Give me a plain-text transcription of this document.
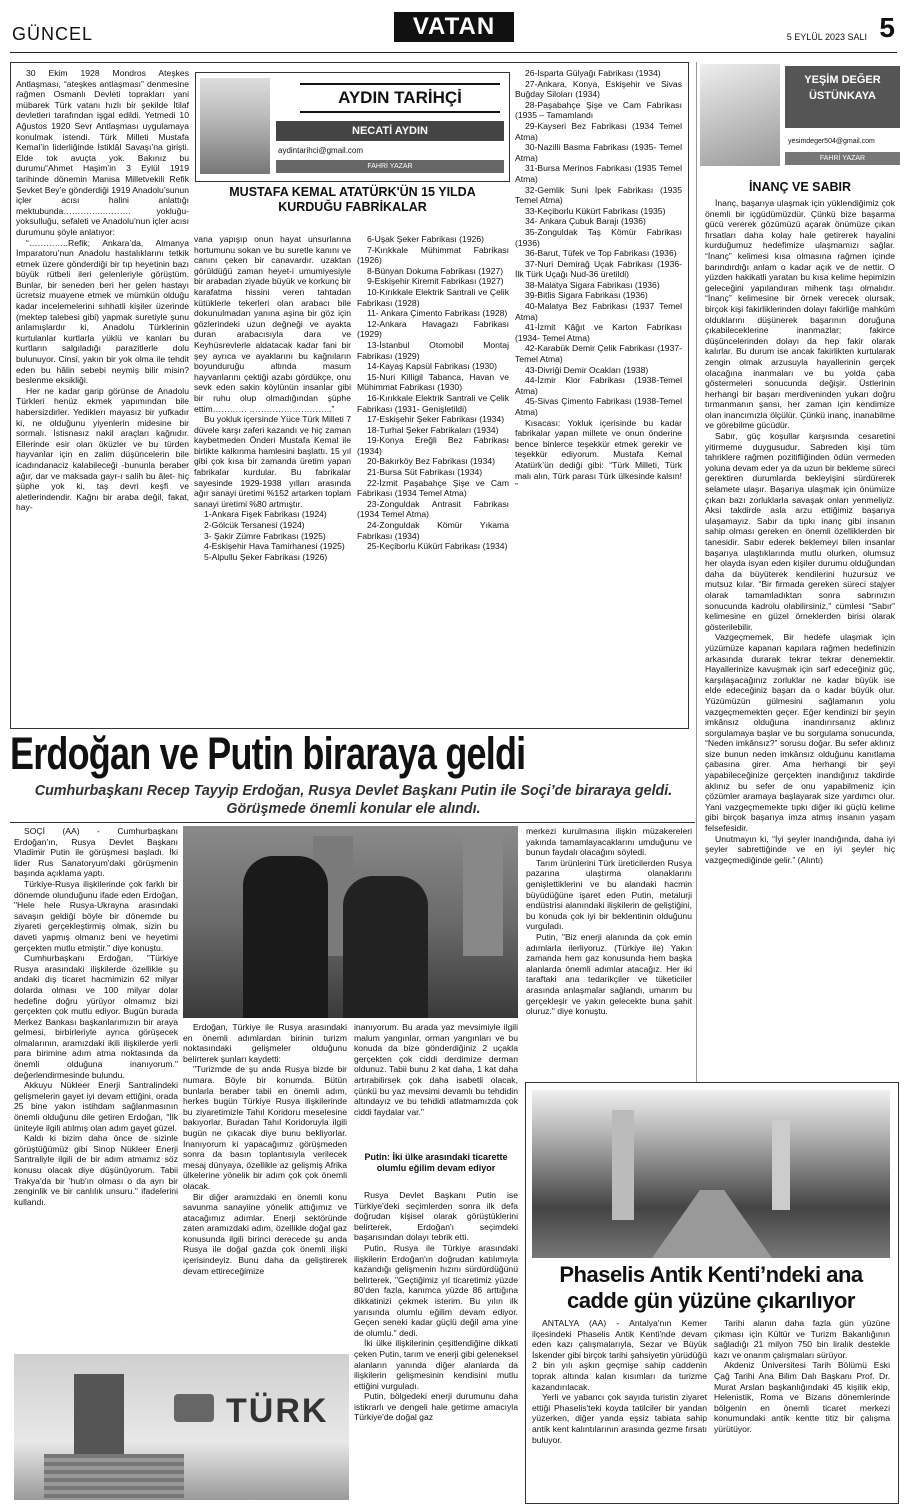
GÜNCEL	VATAN	5 EYLÜL 2023 SALI 5

30 Ekim 1928 Mondros Ateşkes Antlaşması, “ateşkes antlaşması” denmesine rağmen Osmanlı Devleti toprakları yani mübarek Türk vatanı hızlı bir şekilde İtilaf devletleri tarafından işgal edildi. Yetmedi 10 Ağustos 1920 Sevr Antlaşması uygulamaya konulmak istendi. Türk Milleti Mustafa Kemal’in liderliğinde İstiklâl Savaşı’na girişti. Elde tok avuçta yok. Bakınız bu durumu“Ahmet Haşim’in 3 Eylül 1919 tarihinde dönemin Manisa Milletvekili Refik Şevket Bey’e gönderdiği 1919 Anadolu’sunun içler acısı halini anlattığı mektubunda…………..………. yokluğu-yoksulluğu, sefaleti ve Anadolu’nun içler acısı durumunu şöyle anlatıyor:

“…………..Refik; Ankara’da, Almanya İmparatoru’nun Anadolu hastalıklarını tetkik etmek üzere gönderdiği bir tıp heyetinin bazı büyük rütbeli ileri gelenleriyle görüştüm. Bunlar, bir seneden beri her gelen hastayı ücretsiz muayene etmek ve mümkün olduğu kadar incelemelerini sıhhatli kişiler üzerinde (mektep talebesi gibi) yapmak suretiyle şunu anlamışlardır ki, Anadolu Türklerinin kurtulanlar kurtlarla yüklü ve kanları bu kurtların salgıladığı parazitlerle dolu bulunuyor. Cinsi, yakın bir yok olma ile tehdit eden bu hâlin sebebi neymiş bilir misin? beslenme eksikliği.

Her ne kadar garip görünse de Anadolu Türkleri henüz ekmek yapımından bile habersizdirler. Yediklerı mayasız bir yufkadır ki, ne olduğunu yiyenlerin midesine bir sormalı. İstisnasız nakil araçları kağnıdır. Ellerinde esir olan öküzler ve bu türden hayvanlar için en zalim düşüncelerin bile icadındanaciz kalabileceği -bununla beraber ağır, dar ve maksada gayr-ı salih bu âlet- hiç şüphe yok ki, taş devri keşfi ve aletlerindendir. Kağnı bir araba değil, fakat, hay-

AYDIN TARİHÇİ
NECATİ AYDIN
aydintarihci@gmail.com
FAHRİ YAZAR
MUSTAFA KEMAL ATATÜRK'ÜN 15 YILDA KURDUĞU FABRİKALAR

vana yapışıp onun hayat unsurlarına hortumunu sokan ve bu suretle kanını ve canını çeken bir canavardır. uzaktan görüldüğü zaman heyet-i umumiyesiyle bir arabadan ziyade büyük ve korkunç bir karafatma hissini veren tahtadan kütüklerle tekerleri olan arabacı bile dokunulmadan yanına aşina bir göz için gözlerindeki uzun değneği ve ayakta duran arabacısıyla dara ve Keyhüsrevlerle aldatacak kadar fani bir şey ayrıca ve ayaklarını bu kağnıların boyunduruğu altında masum hayvanlarını çektiği azabı gördükçe, onu sevk eden sakin köylünün insanlar gibi bir ruhu olup olmadığından şüphe ettim………… ………………………..”

Bu yokluk içersinde Yüce Türk Milleti 7 düvele karşı zaferi kazandı ve hiç zaman kaybetmeden Önderi Mustafa Kemal ile birlikte kalkınma hamlesini başlattı. 15 yıl gibi çok kısa bir zamanda üretim yapan fabrikalar kurdular. Bu fabrikalar sayesinde 1929-1938 yılları arasında ağır sanayi üretimi %152 artarken toplam sanayi üretimi %80 artmıştır.

1-Ankara Fişek Fabrikası (1924)

2-Gölcük Tersanesi (1924)

3- Şakir Zümre Fabrikası (1925)

4-Eskişehir Hava Tamirhanesi (1925)

5-Alpullu Şeker Fabrikası (1926)

6-Uşak Şeker Fabrikası (1926)

7-Kırıkkale Mühimmat Fabrikası (1926)

8-Bünyan Dokuma Fabrikası (1927)

9-Eskişehir Kiremit Fabrikası (1927)

10-Kırıkkale Elektrik Santrali ve Çelik Fabrikası (1928)

11- Ankara Çimento Fabrikası (1928)

12-Ankara Havagazı Fabrikası (1929)

13-İstanbul Otomobil Montaj Fabrikası (1929)

14-Kayaş Kapsül Fabrikası (1930)

15-Nuri Killigil Tabanca, Havan ve Mühimmat Fabrikası (1930)

16-Kırıkkale Elektrik Santrali ve Çelik Fabrikası (1931- Genişletildi)

17-Eskişehir Şeker Fabrikası (1934)

18-Turhal Şeker Fabrikaları (1934)

19-Konya Ereğli Bez Fabrikası (1934)

20-Bakırköy Bez Fabrikası (1934)

21-Bursa Süt Fabrikası (1934)

22-İzmit Paşabahçe Şişe ve Cam Fabrikası (1934 Temel Atma)

23-Zonguldak Antrasit Fabrikası (1934 Temel Atma)

24-Zonguldak Kömür Yıkama Fabrikası (1934)

25-Keçiborlu Kükürt Fabrikası (1934)

26-Isparta Gülyağı Fabrikası (1934)

27-Ankara, Konya, Eskişehir ve Sivas Buğday Siloları (1934)

28-Paşabahçe Şişe ve Cam Fabrikası (1935 – Tamamlandı

29-Kayseri Bez Fabrikası (1934 Temel Atma)

30-Nazilli Basma Fabrikası (1935- Temel Atma)

31-Bursa Merinos Fabrikası (1935 Temel Atma)

32-Gemlik Suni İpek Fabrikası (1935 Temel Atma)

33-Keçiborlu Kükürt Fabrikası (1935)

34- Ankara Çubuk Barajı (1936)

35-Zonguldak Taş Kömür Fabrikası (1936)

36-Barut, Tüfek ve Top Fabrikası (1936)

37-Nuri Demirağ Uçak Fabrikası (1936- İlk Türk Uçağı Nud-36 üretildi)

38-Malatya Sigara Fabrikası (1936)

39-Bitlis Sigara Fabrikası (1936)

40-Malatya Bez Fabrikası (1937 Temel Atma)

41-İzmit Kâğıt ve Karton Fabrikası (1934- Temel Atma)

42-Karabük Demir Çelik Fabrikası (1937- Temel Atma)

43-Divriği Demir Ocakları (1938)

44-İzmir Klor Fabrikası (1938-Temel Atma)

45-Sivas Çimento Fabrikası (1938-Temel Atma)

Kısacası: Yokluk içerisinde bu kadar fabrikalar yapan millete ve onun önderine bence binlerce teşekkür etmek gerekir ve teşekkür ediyorum. Mustafa Kemal Atatürk’ün dediği gibi: “Türk Milleti, Türk malı alın, Türk parası Türk ülkesinde kalsın! ”

YEŞİM DEĞER ÜSTÜNKAYA
yesimdeger504@gmail.com
FAHRİ YAZAR
İNANÇ VE SABIR

İnanç, başarıya ulaşmak için yüklendiğimiz çok önemli bir içgüdümüzdür. Çünkü bize başarma gücü vererek gözümüzü açarak önümüze çıkan fırsatları daha kolay hale getirerek hayalini kurduğumuz hedefimize ulaşmamızı sağlar. “İnanç” kelimesi kısa olmasına rağmen içinde barındırdığı anlam o kadar açık ve de nettir. O yüzden hakikatli yaratan bu kısa kelime hepimizin geleceğini yapılandıran mihenk taşı olmalıdır. “İnanç” kelimesine bir örnek verecek olursak, birçok kişi fakirliklerinden dolayı fakirliğe mahkûm olduklarını düşünerek başarının doruğuna çıkabileceklerine inanmazlar; fakirce düşüncelerinden dolayı da hep fakir olarak kalırlar. Bu durum ise ancak fakirlikten kurtularak zengin olmak arzusuyla hayallerinin gerçek olacağına inanmaları ve bu yolda çaba göstermeleri sonucunda değişir. Üstlerinin herhangi bir başarı merdiveninden yukarı doğru tırmanmanın şansı, her zaman için kendimize olan inancımızla ölçülür. Çünkü inanç, inanabilme ve görebilme gücüdür.

Sabır, güç koşullar karşısında cesaretini yitirmeme duygusudur. Sabreden kişi tüm tahriklere rağmen pozitifliğinden ödün vermeden yoluna devam eder ya da uzun bir bekleme süreci gerektiren durumlarda bekleyişini sürdürerek selamete ulaşır. Başarıya ulaşmak için önümüze çıkan bazı zorluklarla savaşak onları yenmeliyiz. Aksi takdirde asla arzu ettiğimiz başarıya ulaşamayız. Sabır da tıpkı inanç gibi insanın sahip olması gereken en önemli özelliklerden bir tanesidir. Sabır ederek beklemeyi bilen insanlar başarıya ulaştıklarında mutlu olurken, olumsuz her olayda isyan eden kişiler durumu olduğundan daha da büyüterek kendilerini huzursuz ve mutsuz kılar. “Bir firmada gereken süreci stajyer olarak tamamladıktan sonra sabrınızın sonucunda kadrolu olabilirsiniz,” cümlesi “Sabır” kelimesine en güzel örneklerden birisi olarak gösterilebilir.

Vazgeçmemek, Bir hedefe ulaşmak için yüzümüze kapanan kapılara rağmen hedefinizin arkasında durarak tekrar tekrar denemektir. Hayallerinize kavuşmak için sarf edeceğiniz güç, karşılaşacağınız zorluklar ne kadar büyük ise elde edeceğiniz başarı da o kadar büyük olur. Yüzümüzün gülmesini sağlamanın yolu vazgeçmemekten geçer. Eğer kendinizi bir şeyin imkânsız olduğuna inandırırsanız aklınız sorgulamaya başlar ve bu sorgulama sonucunda, “Neden imkânsız?” sorusu doğar. Bu sefer aklınız size bunun neden imkânsız olduğunu kanıtlama çabasına girer. Ama herhangi bir şeyi yapabileceğinize gerçekten inandığınız takdirde aklınız bu sefer de onu yapabilmeniz için çözümler aramaya başlayarak size yardımcı olur. Yani vazgeçmemekte tıpkı diğer iki güçlü kelime gibi birçok başarıya imza atmış insanın yaşam felsefesidir.

Unutmayın ki, “İyi şeyler inandığında, daha iyi şeyler sabrettiğinde ve en iyi şeyler hiç vazgeçmediğinde gelir.” (Alıntı)

Erdoğan ve Putin biraraya geldi
Cumhurbaşkanı Recep Tayyip Erdoğan, Rusya Devlet Başkanı Putin ile Soçi’de biraraya geldi. Görüşmede önemli konular ele alındı.

SOÇİ (AA) - Cumhurbaşkanı Erdoğan'ın, Rusya Devlet Başkanı Vladimir Putin ile görüşmesi başladı. İki lider Rus Sanatoryum'daki görüşmenin başında açıklama yaptı.

Türkiye-Rusya ilişkilerinde çok farklı bir dönemde olunduğunu ifade eden Erdoğan, "Hele hele Rusya-Ukrayna arasındaki savaşın geldiği böyle bir dönemde bu ziyareti gerçekleştirmiş olmak, sizin bu daveti yapmış olmanız beni ve heyetimi gerçekten mutlu etmiştir." diye konuştu.

Cumhurbaşkanı Erdoğan, "Türkiye Rusya arasındaki ilişkilerde özellikle şu andaki dış ticaret hacmimizin 62 milyar dolarda olması ve 100 milyar dolar hedefine doğru yürüyor olmamız bizi gerçekten çok mutlu ediyor. Bugün burada Merkez Bankası başkanlarımızın bir araya gelmesi, birbirleriyle ayrıca görüşecek olmalarının, aramızdaki ikili ilişkilerde yerli para birimine adım atma noktasında da önemli olduğuna inanıyorum." değerlendirmesinde bulundu.

Akkuyu Nükleer Enerji Santralindeki gelişmelerin gayet iyi devam ettiğini, orada 25 bine yakın istihdam sağlanmasının önemli olduğunu dile getiren Erdoğan, "İlk üniteyle ilgili atılmış olan adım gayet güzel.

Kaldı ki bizim daha önce de sizinle görüştüğümüz gibi Sinop Nükleer Enerji Santraliyle ilgili de bir adım atmamız söz konusu olacak diye düşünüyorum. Tabii Trakya'da bir 'hub'ın olması o da ayrı bir zenginlik ve bir canlılık unsuru." ifadelerini kullandı.

Erdoğan, Türkiye ile Rusya arasındaki en önemli adımlardan birinin turizm noktasındaki gelişmeler olduğunu belirterek şunları kaydetti:

"Turizmde de şu anda Rusya bizde bir numara. Böyle bir konumda. Bütün bunlarla beraber tabii en önemli adım, herkes bugün Türkiye Rusya ilişkilerinde bu ziyaretimizle Tahıl Koridoru meselesine bakıyorlar. Buradan Tahıl Koridoruyla ilgili bugün ne çıkacak diye bunu bekliyorlar. İnanıyorum ki yapacağımız görüşmeden sonra da basın toplantısıyla verilecek mesaj dünyaya, özellikle az gelişmiş Afrika ülkelerine yönelik bir adım çok çok önemli olacak.

Bir diğer aramızdaki en önemli konu savunma sanayiine yönelik attığımız ve atacağımız adımlar. Enerji sektöründe zaten aramızdaki adım, özellikle doğal gaz konusunda ilgili birinci derecede şu anda Rusya ile doğal gazda çok önemli ilişki içerisindeyiz. Bunu daha da geliştirerek devam ettireceğimize

inanıyorum. Bu arada yaz mevsimiyle ilgili malum yangınlar, orman yangınları ve bu konuda da bize gönderdiğiniz 2 uçakla gerçekten çok ciddi derdimize derman oldunuz. Tabii bunu 2 kat daha, 1 kat daha artırabilirsek çok daha isabetli olacak, çünkü bu yaz mevsimi devamlı bu tehdidin altındayız ve bu tehdidi atlatmamızda çok ciddi faydalar var."

Putin: İki ülke arasındaki ticarette olumlu eğilim devam ediyor

Rusya Devlet Başkanı Putin ise Türkiye'deki seçimlerden sonra ilk defa doğrudan kişisel olarak görüştüklerini belirterek, Erdoğan'ı seçimdeki başarısından dolayı tebrik etti.

Putin, Rusya ile Türkiye arasındaki ilişkilerin Erdoğan'ın doğrudan katılımıyla kazandığı gelişmenin hızını sürdürdüğünü belirterek, "Geçtiğimiz yıl ticaretimiz yüzde 80'den fazla, kanımca yüzde 86 arttığına dikkatinizi çekmek isterim. Bu yılın ilk yarısında olumlu eğilim devam ediyor. Geçen seneki kadar güçlü değil ama yine de olumlu." dedi.

İki ülke ilişkilerinin çeşitlendiğine dikkati çeken Putin, tarım ve enerji gibi geleneksel alanların yanında diğer alanlarda da ilişkilerin gelişmesinin kendisini mutlu ettiğini vurguladı.

Putin, bölgedeki enerji durumunu daha istikrarlı ve dengeli hale getirme amacıyla Türkiye'de doğal gaz

merkezi kurulmasına ilişkin müzakereleri yakında tamamlayacaklarını umduğunu ve bunun faydalı olacağını söyledi.

Tarım ürünlerini Türk üreticilerden Rusya pazarına ulaştırma olanaklarını genişlettiklerini ve bu alandaki hacmin büyüdüğüne işaret eden Putin, metalurji endüstrisi alanındaki ilişkilerin de geliştiğini, bu konuda çok iyi bir beklentinin olduğunu vurguladı.

Putin, "Biz enerji alanında da çok emin adımlarla ilerliyoruz. (Türkiye ile) Yakın zamanda hem gaz konusunda hem başka alanlarda önemli adımlar atacağız. Her iki taraftaki ana tedarikçiler ve tüketiciler arasında anlaşmalar sağlandı, umarım bu gerçekleşir ve yakın gelecekte buna şahit oluruz." diye konuştu.

TÜRK
Phaselis Antik Kenti’ndeki ana cadde gün yüzüne çıkarılıyor

ANTALYA (AA) - Antalya'nın Kemer ilçesindeki Phaselis Antik Kenti'nde devam eden kazı çalışmalarıyla, Sezar ve Büyük İskender gibi birçok tarihi şahsiyetin yürüdüğü 2 bin yılı aşkın geçmişe sahip caddenin toprak altında kalan kısımları da turizme kazandırılacak.

Yerli ve yabancı çok sayıda turistin ziyaret ettiği Phaselis'teki koyda tatilciler bir yandan yüzerken, diğer yanda eşsiz tabiata sahip antik kent kalıntılarının arasında gezme fırsatı buluyor.

Tarihi alanın daha fazla gün yüzüne çıkması için Kültür ve Turizm Bakanlığının sağladığı 21 milyon 750 bin liralık destekle kazı ve onarım çalışmaları sürüyor.

Akdeniz Üniversitesi Tarih Bölümü Eski Çağ Tarihi Ana Bilim Dalı Başkanı Prof. Dr. Murat Arslan başkanlığındaki 45 kişilik ekip, Helenistik, Roma ve Bizans dönemlerinde bölgenin en önemli ticaret merkezi konumundaki antik kentte titiz bir çalışma yürütüyor.
